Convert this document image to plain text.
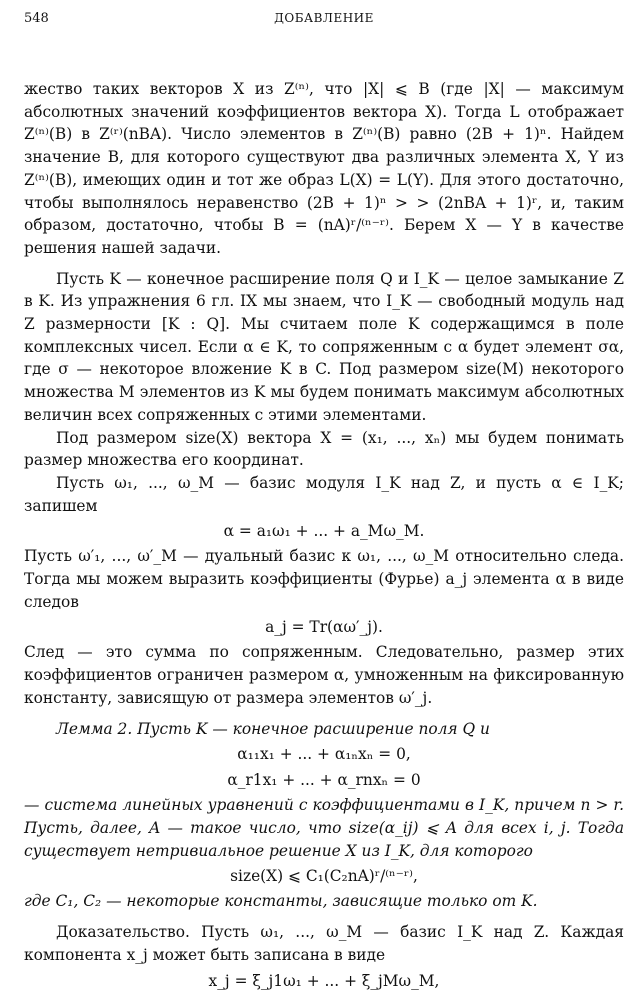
548	ДОБАВЛЕНИЕ

жество таких векторов X из Z⁽ⁿ⁾, что |X| ⩽ B (где |X| — максимум абсолютных значений коэффициентов вектора X). Тогда L отображает Z⁽ⁿ⁾(B) в Z⁽ʳ⁾(nBA). Число элементов в Z⁽ⁿ⁾(B) равно (2B + 1)ⁿ. Найдем значение B, для которого существуют два различных элемента X, Y из Z⁽ⁿ⁾(B), имеющих один и тот же образ L(X) = L(Y). Для этого достаточно, чтобы выполнялось неравенство (2B + 1)ⁿ > > (2nBA + 1)ʳ, и, таким образом, достаточно, чтобы B = (nA)ʳ/⁽ⁿ⁻ʳ⁾. Берем X — Y в качестве решения нашей задачи.

Пусть K — конечное расширение поля Q и I_K — целое замыкание Z в K. Из упражнения 6 гл. IX мы знаем, что I_K — свободный модуль над Z размерности [K : Q]. Мы считаем поле K содержащимся в поле комплексных чисел. Если α ∈ K, то сопряженным с α будет элемент σα, где σ — некоторое вложение K в C. Под размером size(M) некоторого множества M элементов из K мы будем понимать максимум абсолютных величин всех сопряженных с этими элементами.

Под размером size(X) вектора X = (x₁, ..., xₙ) мы будем понимать размер множества его координат.

Пусть ω₁, ..., ω_M — базис модуля I_K над Z, и пусть α ∈ I_K; запишем

α = a₁ω₁ + ... + a_Mω_M.

Пусть ω′₁, ..., ω′_M — дуальный базис к ω₁, ..., ω_M относительно следа. Тогда мы можем выразить коэффициенты (Фурье) a_j элемента α в виде следов

a_j = Tr(αω′_j).

След — это сумма по сопряженным. Следовательно, размер этих коэффициентов ограничен размером α, умноженным на фиксированную константу, зависящую от размера элементов ω′_j.

Лемма 2. Пусть K — конечное расширение поля Q и

α₁₁x₁ + ... + α₁ₙxₙ = 0,
α_r1x₁ + ... + α_rnxₙ = 0

— система линейных уравнений с коэффициентами в I_K, причем n > r. Пусть, далее, A — такое число, что size(α_ij) ⩽ A для всех i, j. Тогда существует нетривиальное решение X из I_K, для которого

size(X) ⩽ C₁(C₂nA)ʳ/⁽ⁿ⁻ʳ⁾,

где C₁, C₂ — некоторые константы, зависящие только от K.

Доказательство. Пусть ω₁, ..., ω_M — базис I_K над Z. Каждая компонента x_j может быть записана в виде

x_j = ξ_j1ω₁ + ... + ξ_jMω_M,
